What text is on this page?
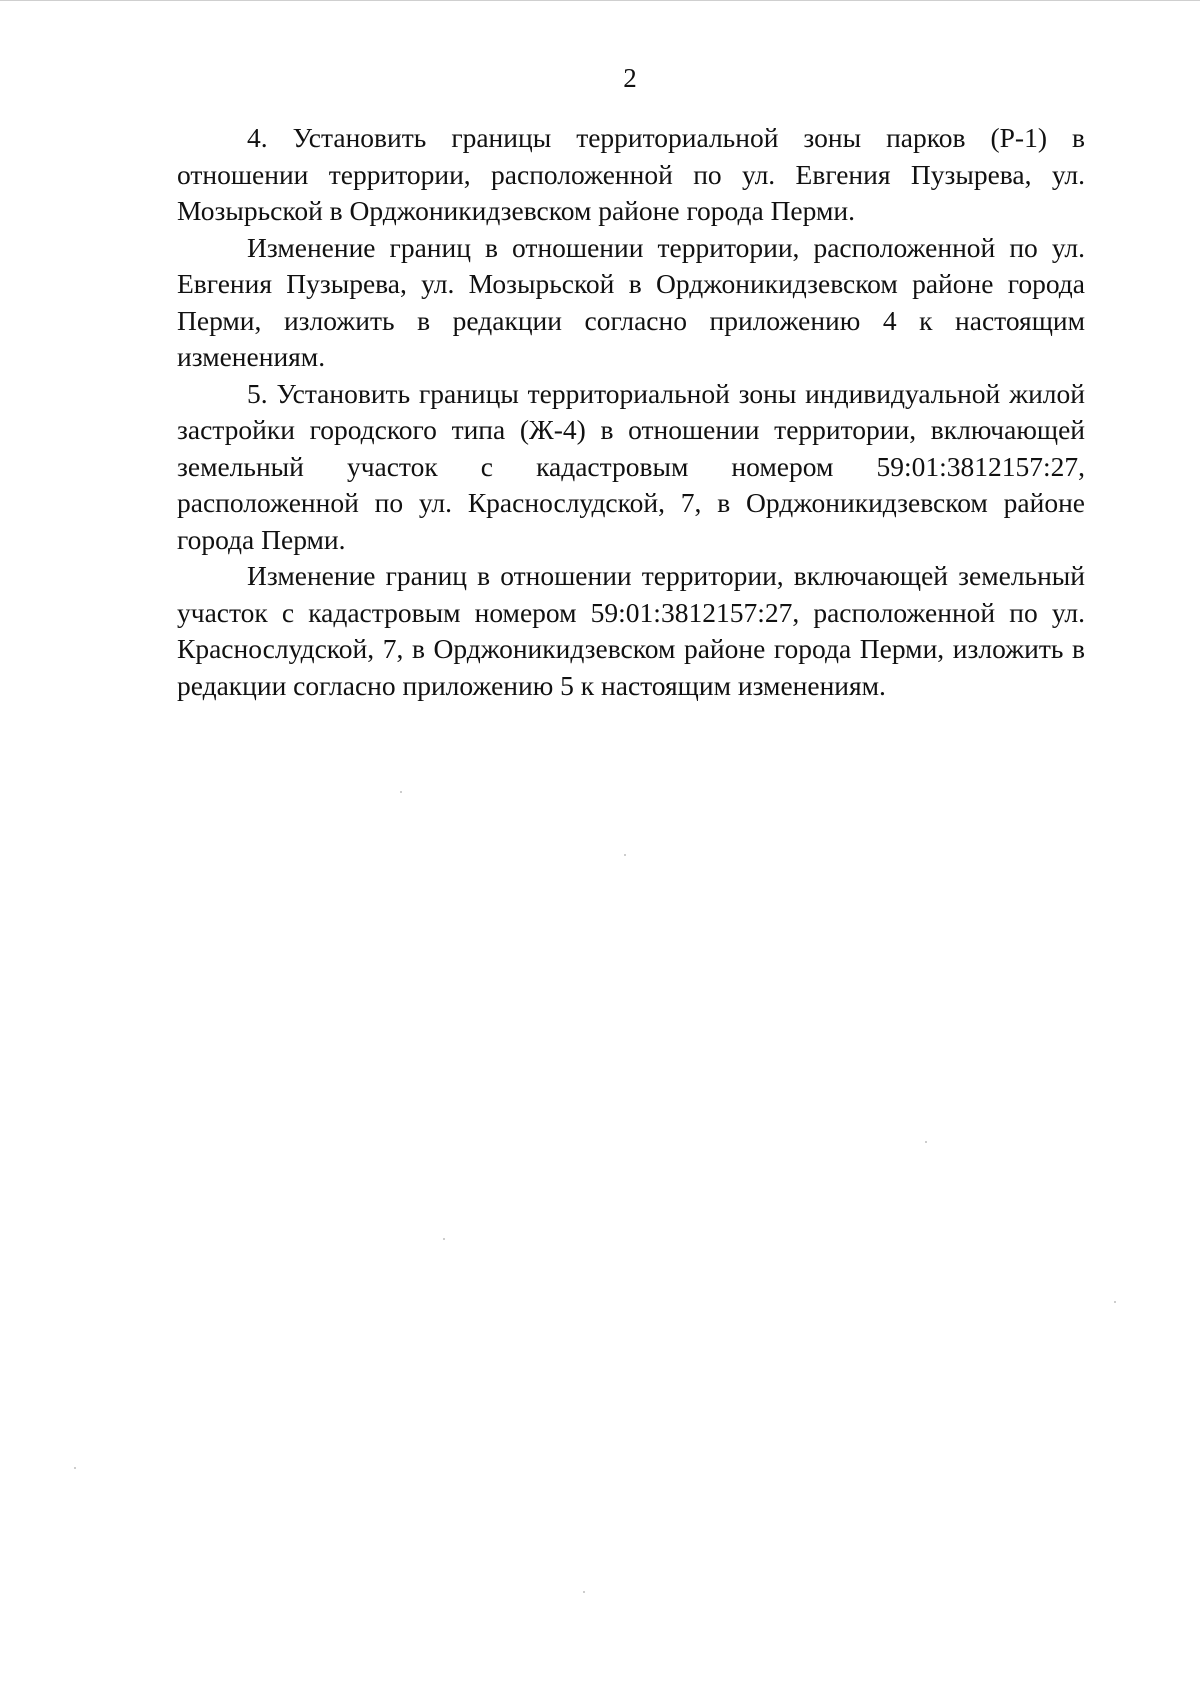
2

4. Установить границы территориальной зоны парков (Р-1) в отношении территории, расположенной по ул. Евгения Пузырева, ул. Мозырьской в Орджоникидзевском районе города Перми.

Изменение границ в отношении территории, расположенной по ул. Евгения Пузырева, ул. Мозырьской в Орджоникидзевском районе города Перми, изложить в редакции согласно приложению 4 к настоящим изменениям.

5. Установить границы территориальной зоны индивидуальной жилой застройки городского типа (Ж-4) в отношении территории, включающей земельный участок с кадастровым номером 59:01:3812157:27, расположенной по ул. Краснослудской, 7, в Орджоникидзевском районе города Перми.

Изменение границ в отношении территории, включающей земельный участок с кадастровым номером 59:01:3812157:27, расположенной по ул. Краснослудской, 7, в Орджоникидзевском районе города Перми, изложить в редакции согласно приложению 5 к настоящим изменениям.
